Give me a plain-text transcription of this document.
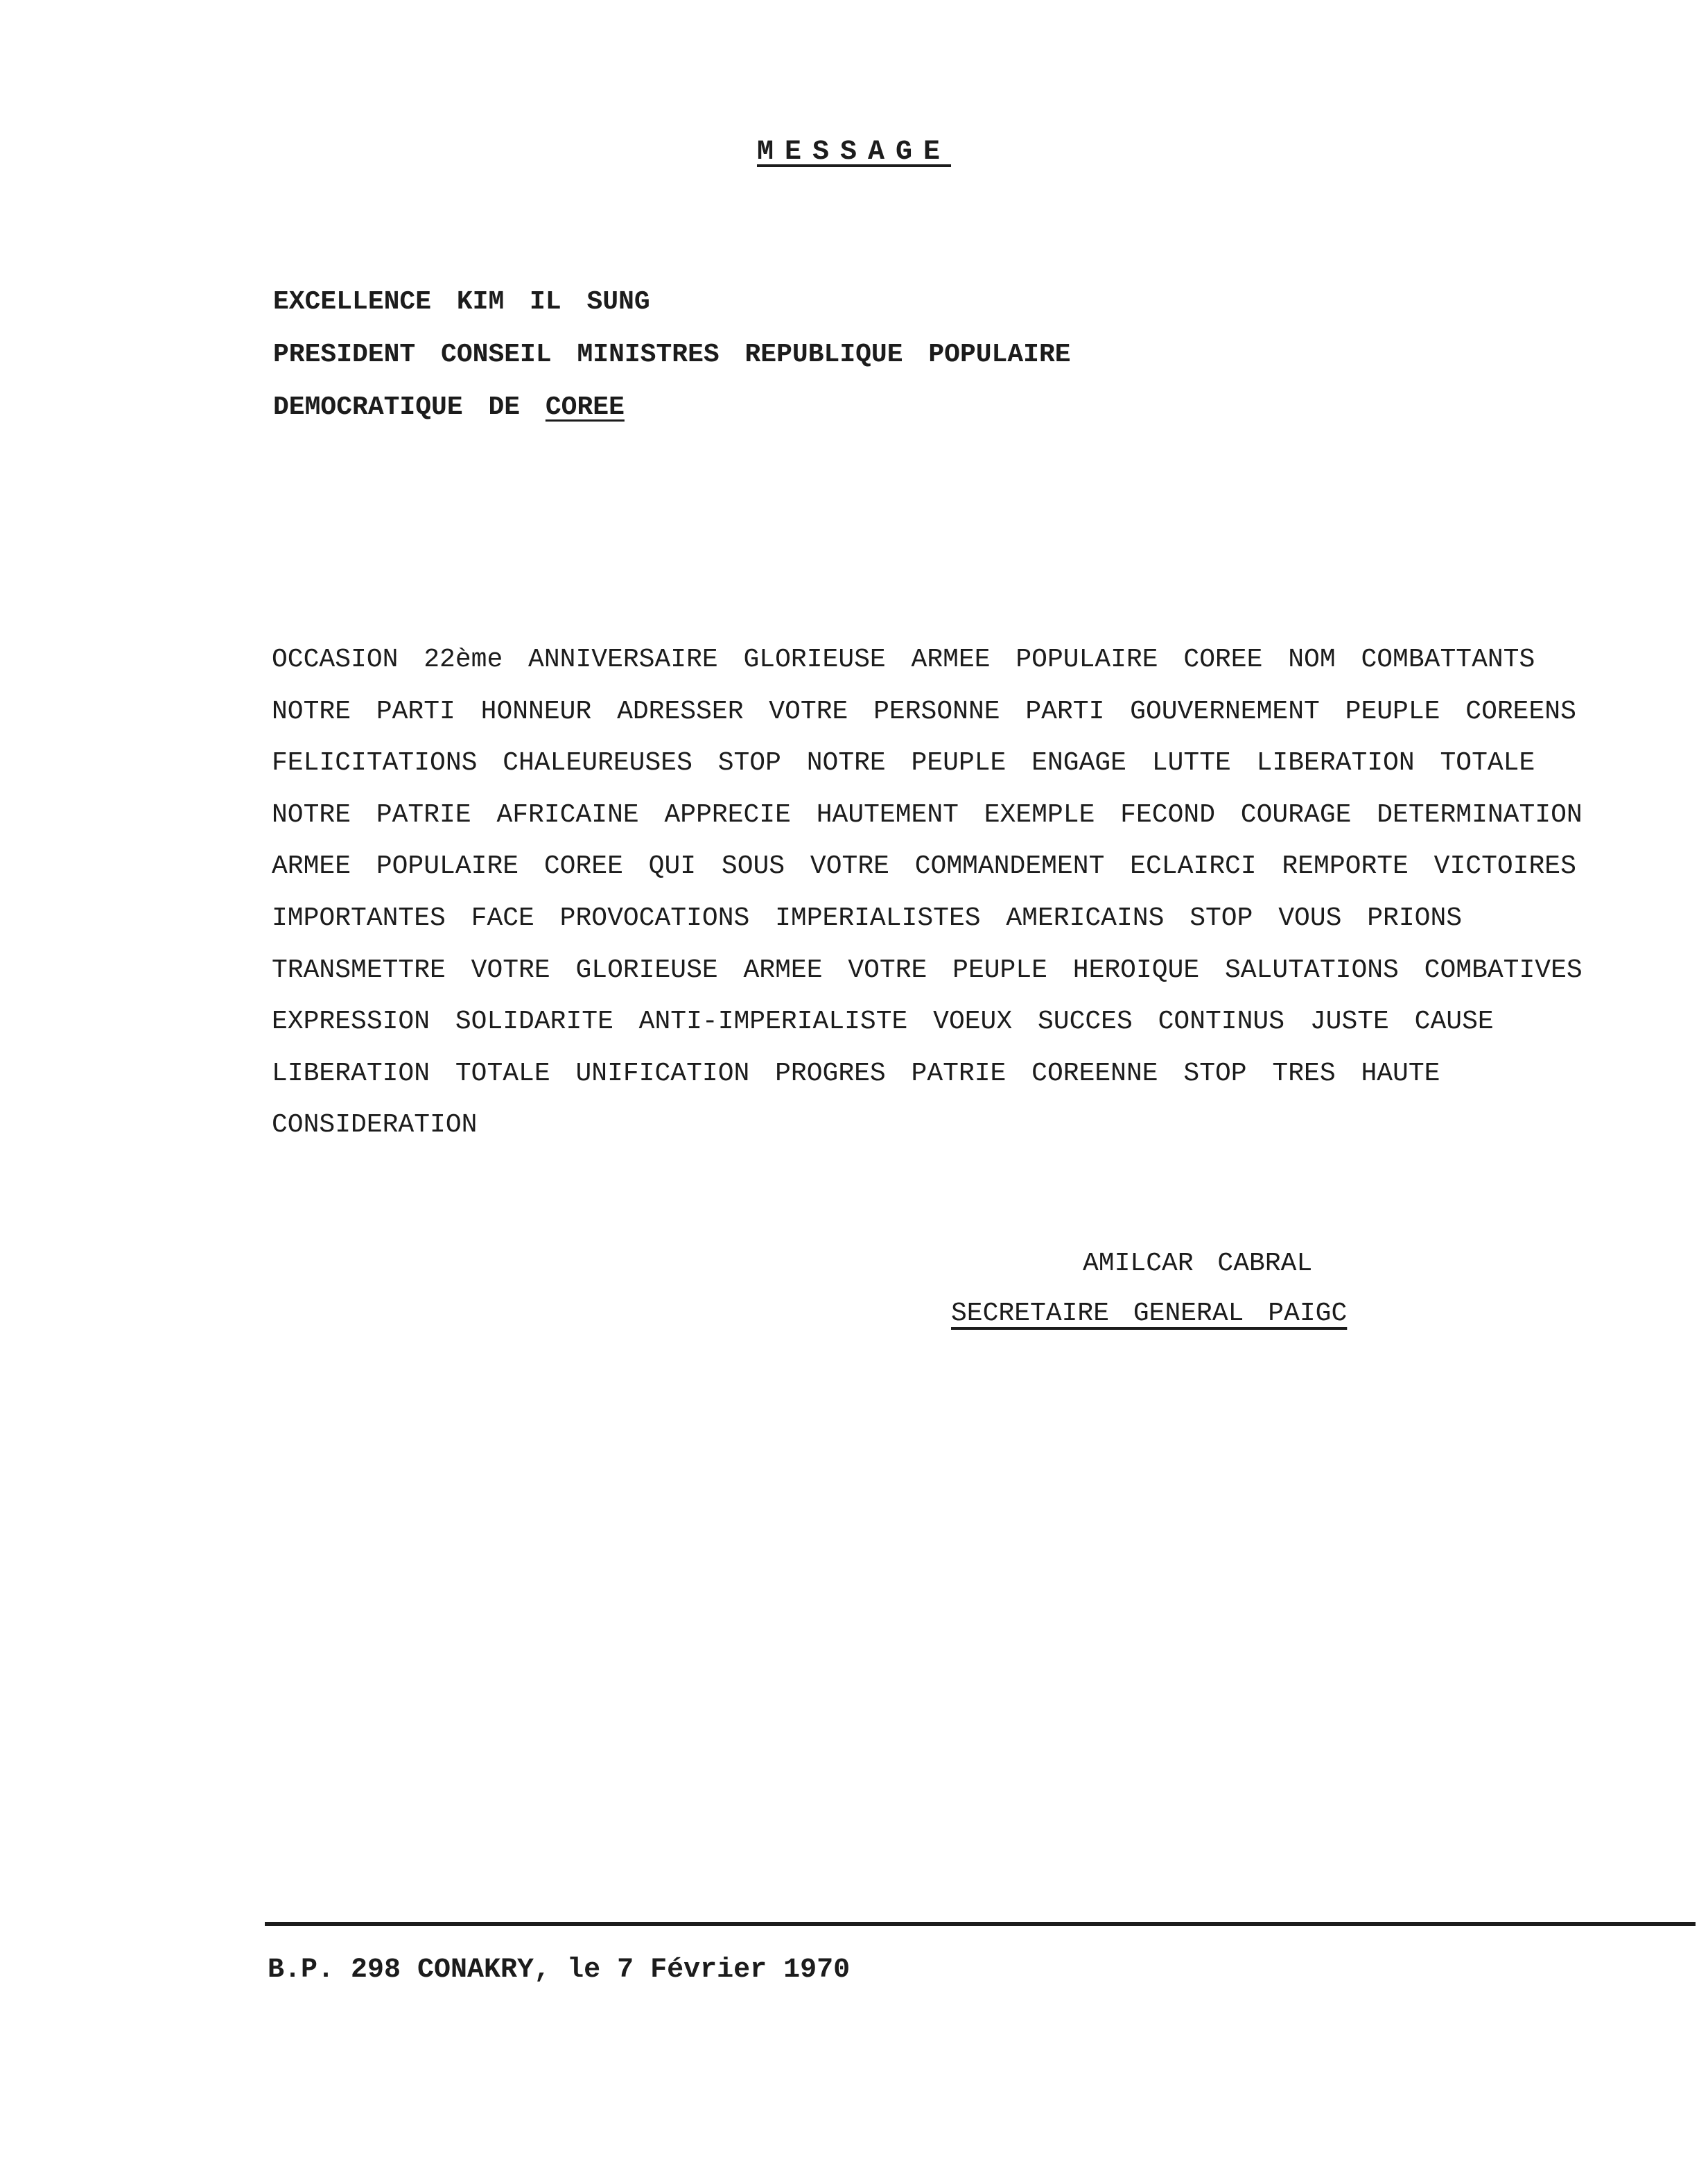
MESSAGE
EXCELLENCE KIM IL SUNG
PRESIDENT CONSEIL MINISTRES REPUBLIQUE POPULAIRE
DEMOCRATIQUE DE COREE
OCCASION 22ème ANNIVERSAIRE GLORIEUSE ARMEE POPULAIRE COREE NOM COMBATTANTS
NOTRE PARTI HONNEUR ADRESSER VOTRE PERSONNE PARTI GOUVERNEMENT PEUPLE COREENS
FELICITATIONS CHALEUREUSES STOP NOTRE PEUPLE ENGAGE LUTTE LIBERATION TOTALE
NOTRE PATRIE AFRICAINE APPRECIE HAUTEMENT EXEMPLE FECOND COURAGE DETERMINATION
ARMEE POPULAIRE COREE QUI SOUS VOTRE COMMANDEMENT ECLAIRCI REMPORTE VICTOIRES
IMPORTANTES FACE PROVOCATIONS IMPERIALISTES AMERICAINS STOP VOUS PRIONS
TRANSMETTRE VOTRE GLORIEUSE ARMEE VOTRE PEUPLE HEROIQUE SALUTATIONS COMBATIVES
EXPRESSION SOLIDARITE ANTI-IMPERIALISTE VOEUX SUCCES CONTINUS JUSTE CAUSE
LIBERATION TOTALE UNIFICATION PROGRES PATRIE COREENNE STOP TRES HAUTE
CONSIDERATION
AMILCAR CABRAL
SECRETAIRE GENERAL PAIGC
B.P. 298 CONAKRY, le 7 Février 1970
